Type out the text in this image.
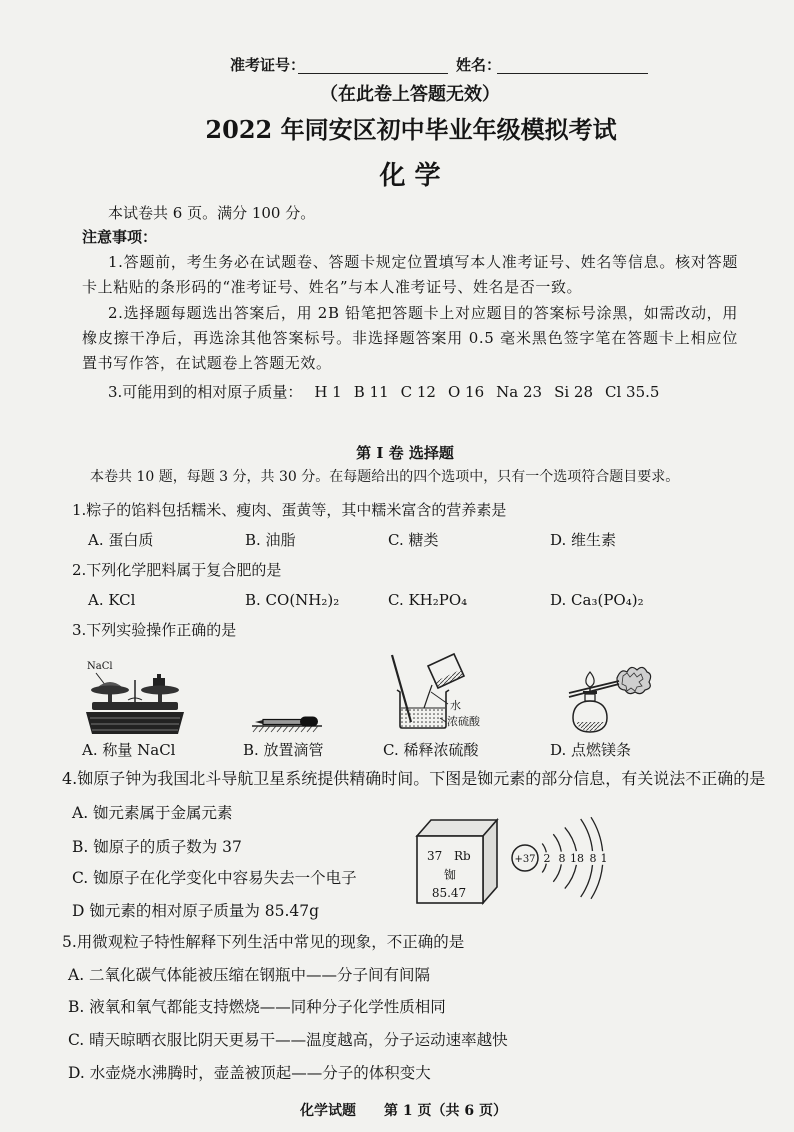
准考证号：	姓名：
（在此卷上答题无效）
2022 年同安区初中毕业年级模拟考试
化 学
本试卷共 6 页。满分 100 分。
注意事项：
1.答题前，考生务必在试题卷、答题卡规定位置填写本人准考证号、姓名等信息。核对答题卡上粘贴的条形码的“准考证号、姓名”与本人准考证号、姓名是否一致。
2.选择题每题选出答案后，用 2B 铅笔把答题卡上对应题目的答案标号涂黑，如需改动，用橡皮擦干净后，再选涂其他答案标号。非选择题答案用 0.5 毫米黑色签字笔在答题卡上相应位置书写作答，在试题卷上答题无效。
3.可能用到的相对原子质量： H 1 B 11 C 12 O 16 Na 23 Si 28 Cl 35.5
第 I 卷 选择题
本卷共 10 题，每题 3 分，共 30 分。在每题给出的四个选项中，只有一个选项符合题目要求。
1.粽子的馅料包括糯米、瘦肉、蛋黄等，其中糯米富含的营养素是
A. 蛋白质	B. 油脂	C. 糖类	D. 维生素
2.下列化学肥料属于复合肥的是
A. KCl	B. CO(NH₂)₂	C. KH₂PO₄	D. Ca₃(PO₄)₂
3.下列实验操作正确的是
NaCl
水
浓硫酸
A. 称量 NaCl	B. 放置滴管	C. 稀释浓硫酸	D. 点燃镁条
4.铷原子钟为我国北斗导航卫星系统提供精确时间。下图是铷元素的部分信息，有关说法不正确的是
A. 铷元素属于金属元素
B. 铷原子的质子数为 37
C. 铷原子在化学变化中容易失去一个电子
D 铷元素的相对原子质量为 85.47g
37 Rb
铷
85.47
+37 2 8 18 8 1
5.用微观粒子特性解释下列生活中常见的现象，不正确的是
A. 二氧化碳气体能被压缩在钢瓶中——分子间有间隔
B. 液氧和氧气都能支持燃烧——同种分子化学性质相同
C. 晴天晾晒衣服比阴天更易干——温度越高，分子运动速率越快
D. 水壶烧水沸腾时，壶盖被顶起——分子的体积变大
化学试题 第 1 页（共 6 页）
